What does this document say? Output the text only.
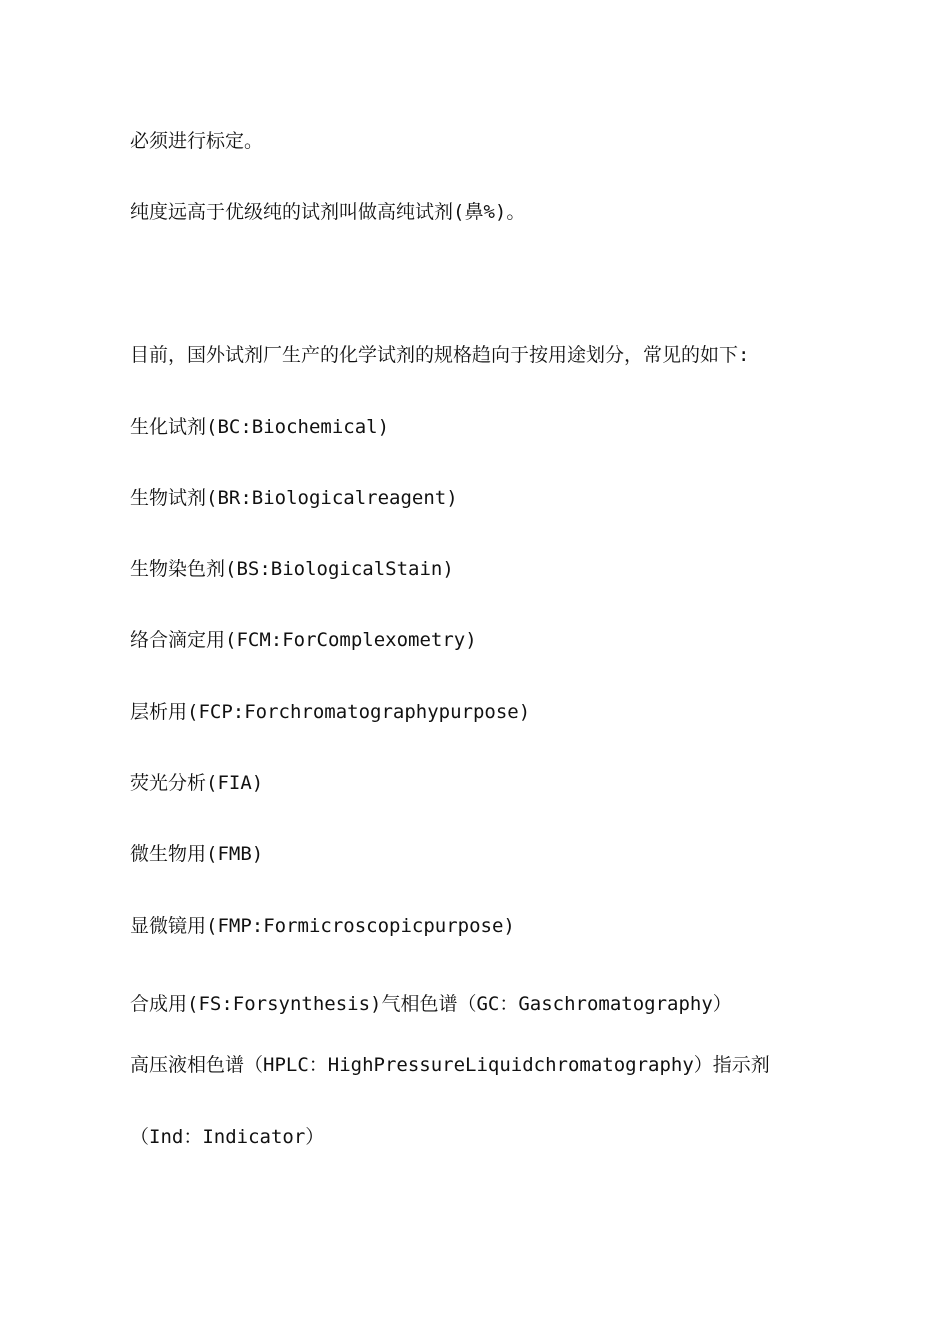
必须进行标定。
纯度远高于优级纯的试剂叫做高纯试剂(鼻%)。
目前，国外试剂厂生产的化学试剂的规格趋向于按用途划分，常见的如下:
生化试剂(BC:Biochemical)
生物试剂(BR:Biologicalreagent)
生物染色剂(BS:BiologicalStain)
络合滴定用(FCM:ForComplexometry)
层析用(FCP:Forchromatographypurpose)
荧光分析(FIA)
微生物用(FMB)
显微镜用(FMP:Formicroscopicpurpose)
合成用(FS:Forsynthesis)气相色谱（GC：Gaschromatography）
高压液相色谱（HPLC：HighPressureLiquidchromatography）指示剂
（Ind：Indicator）
